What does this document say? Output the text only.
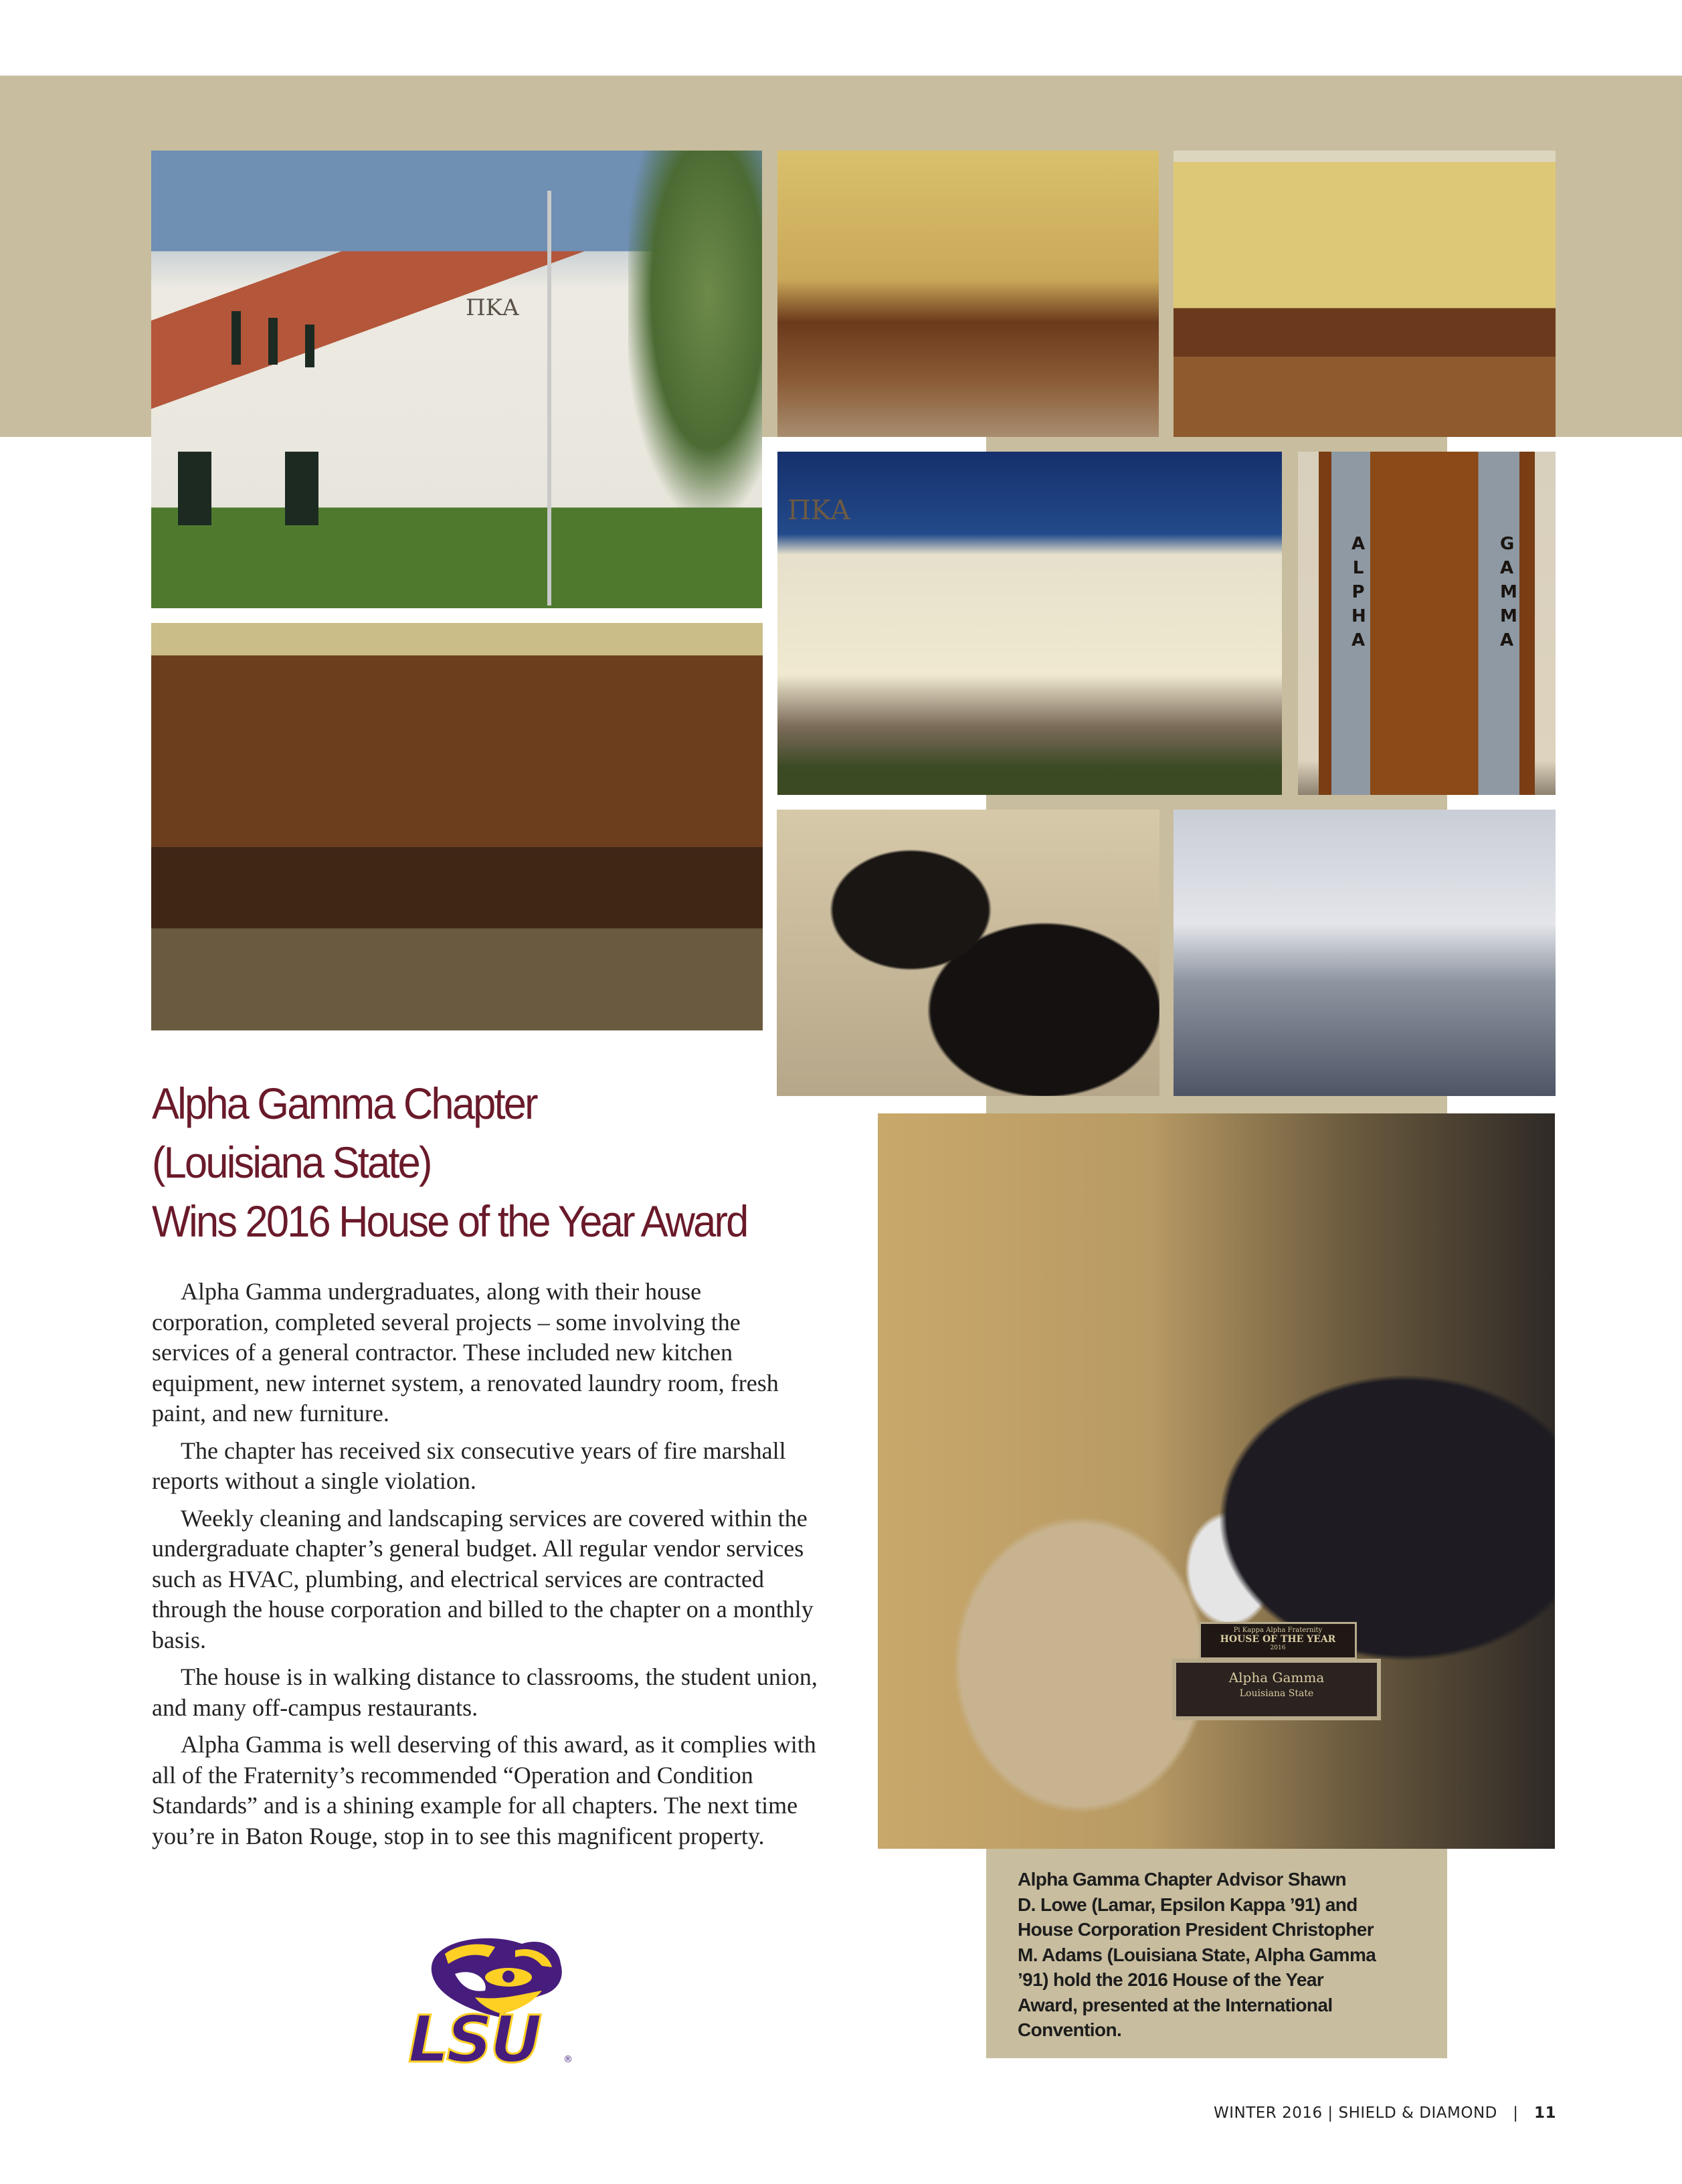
ΠΚΑ
ΠΚΑ
ALPHA
GAMMA
Pi Kappa Alpha Fraternity
HOUSE OF THE YEAR
2016
Alpha Gamma
Louisiana State
Alpha Gamma Chapter
(Louisiana State)
Wins 2016 House of the Year Award

Alpha Gamma undergraduates, along with their house corporation, completed several projects – some involving the services of a general contractor. These included new kitchen equipment, new internet system, a renovated laundry room, fresh paint, and new furniture.

The chapter has received six consecutive years of fire marshall reports without a single violation.

Weekly cleaning and landscaping services are covered within the undergraduate chapter’s general budget. All regular vendor services such as HVAC, plumbing, and electrical services are contracted through the house corporation and billed to the chapter on a monthly basis.

The house is in walking distance to classrooms, the student union, and many off-campus restaurants.

Alpha Gamma is well deserving of this award, as it complies with all of the Fraternity’s recommended “Operation and Condition Standards” and is a shining example for all chapters. The next time you’re in Baton Rouge, stop in to see this magnificent property.

LSU	®
Alpha Gamma Chapter Advisor Shawn
D. Lowe (Lamar, Epsilon Kappa ’91) and
House Corporation President Christopher
M. Adams (Louisiana State, Alpha Gamma
’91) hold the 2016 House of the Year
Award, presented at the International
Convention.
WINTER 2016 | SHIELD & DIAMOND | 11
